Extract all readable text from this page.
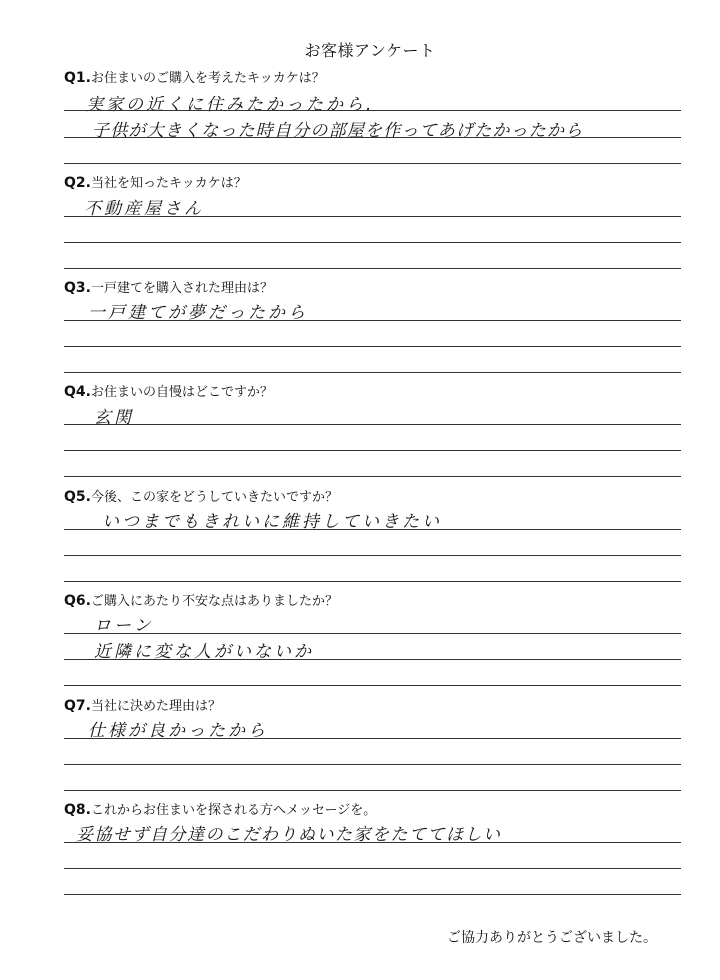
お客様アンケート
Q1.お住まいのご購入を考えたキッカケは？
実家の近くに住みたかったから.
子供が大きくなった時自分の部屋を作ってあげたかったから
Q2.当社を知ったキッカケは？
不動産屋さん
Q3.一戸建てを購入された理由は？
一戸建てが夢だったから
Q4.お住まいの自慢はどこですか？
玄関
Q5.今後、この家をどうしていきたいですか？
いつまでもきれいに維持していきたい
Q6.ご購入にあたり不安な点はありましたか？
ローン
近隣に変な人がいないか
Q7.当社に決めた理由は？
仕様が良かったから
Q8.これからお住まいを探される方へメッセージを。
妥協せず自分達のこだわりぬいた家をたててほしい
ご協力ありがとうございました。
